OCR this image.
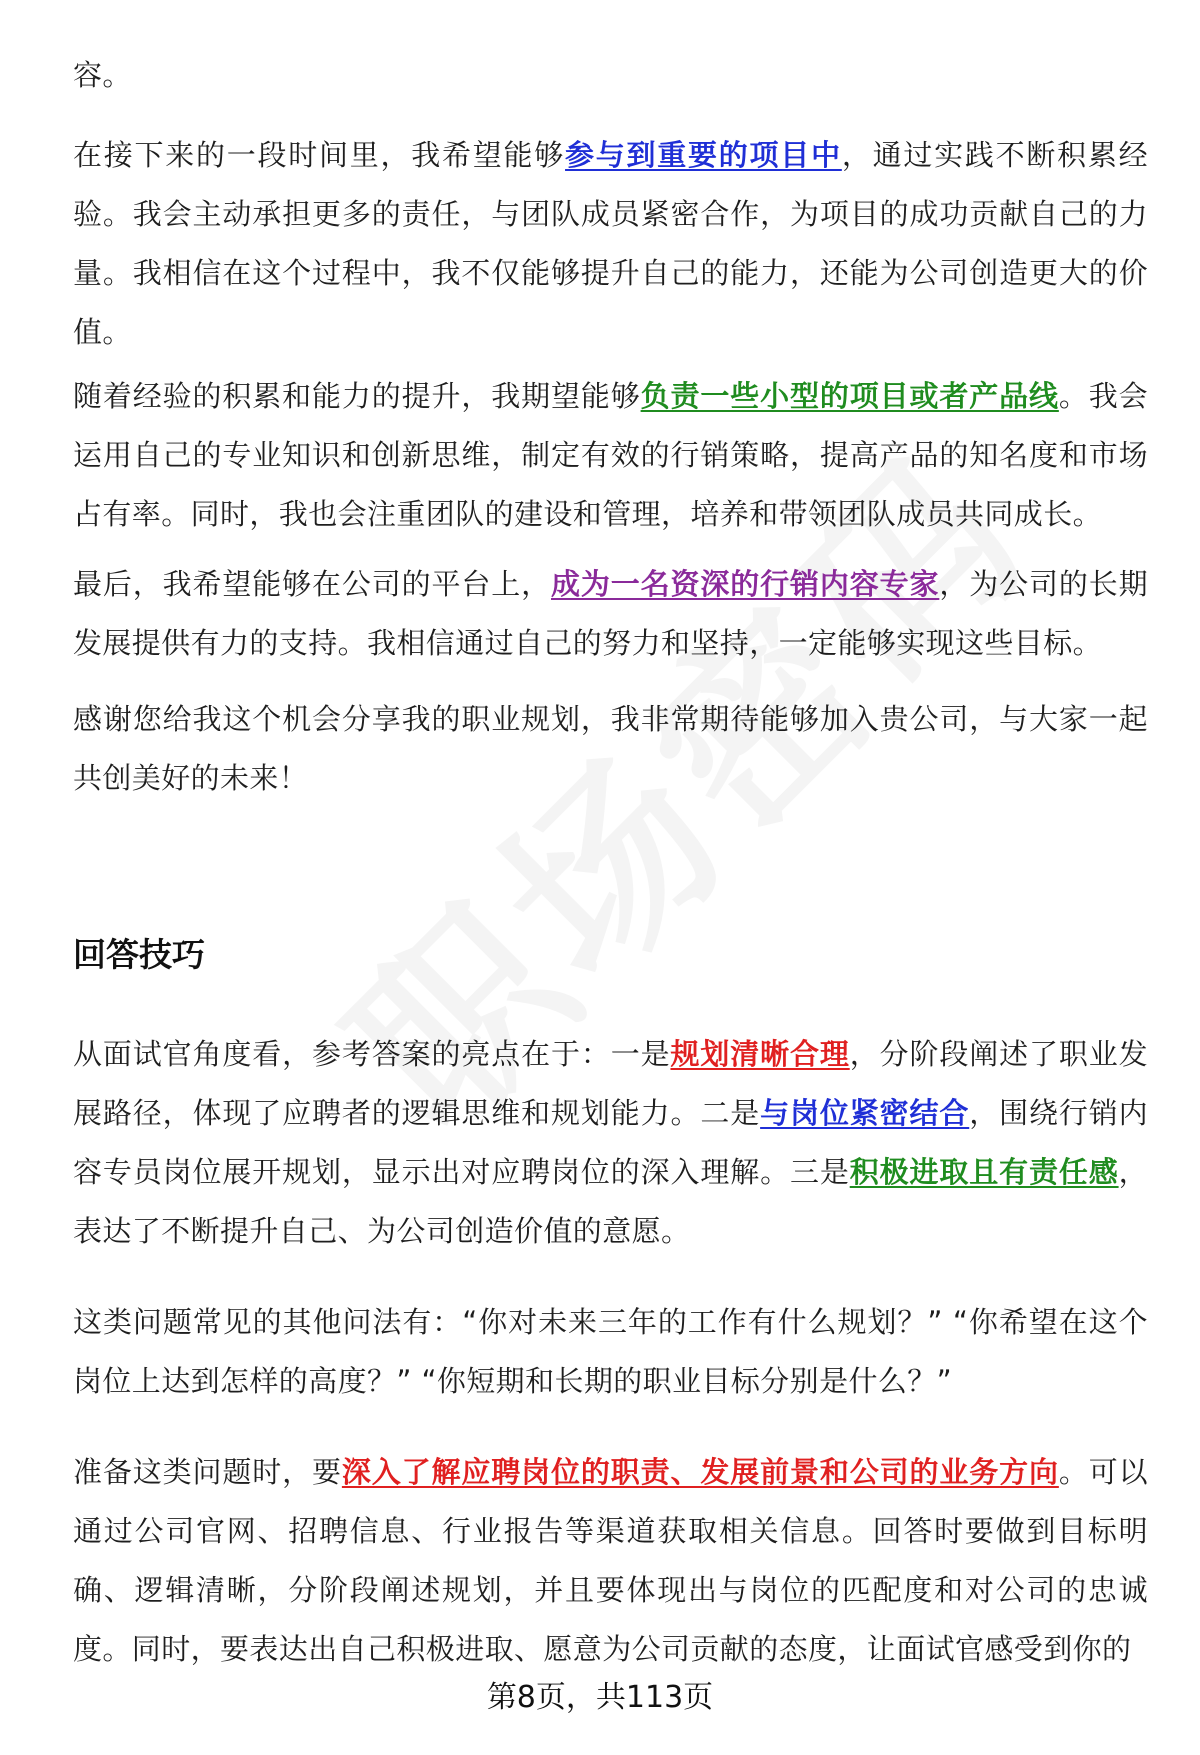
容。

在接下来的一段时间里，我希望能够参与到重要的项目中，通过实践不断积累经验。我会主动承担更多的责任，与团队成员紧密合作，为项目的成功贡献自己的力量。我相信在这个过程中，我不仅能够提升自己的能力，还能为公司创造更大的价值。

随着经验的积累和能力的提升，我期望能够负责一些小型的项目或者产品线。我会运用自己的专业知识和创新思维，制定有效的行销策略，提高产品的知名度和市场占有率。同时，我也会注重团队的建设和管理，培养和带领团队成员共同成长。

最后，我希望能够在公司的平台上，成为一名资深的行销内容专家，为公司的长期发展提供有力的支持。我相信通过自己的努力和坚持，一定能够实现这些目标。

感谢您给我这个机会分享我的职业规划，我非常期待能够加入贵公司，与大家一起共创美好的未来！

回答技巧

从面试官角度看，参考答案的亮点在于：一是规划清晰合理，分阶段阐述了职业发展路径，体现了应聘者的逻辑思维和规划能力。二是与岗位紧密结合，围绕行销内容专员岗位展开规划，显示出对应聘岗位的深入理解。三是积极进取且有责任感，表达了不断提升自己、为公司创造价值的意愿。

这类问题常见的其他问法有：“你对未来三年的工作有什么规划？” “你希望在这个岗位上达到怎样的高度？” “你短期和长期的职业目标分别是什么？”

准备这类问题时，要深入了解应聘岗位的职责、发展前景和公司的业务方向。可以通过公司官网、招聘信息、行业报告等渠道获取相关信息。回答时要做到目标明确、逻辑清晰，分阶段阐述规划，并且要体现出与岗位的匹配度和对公司的忠诚度。同时，要表达出自己积极进取、愿意为公司贡献的态度，让面试官感受到你的

第8页，共113页
